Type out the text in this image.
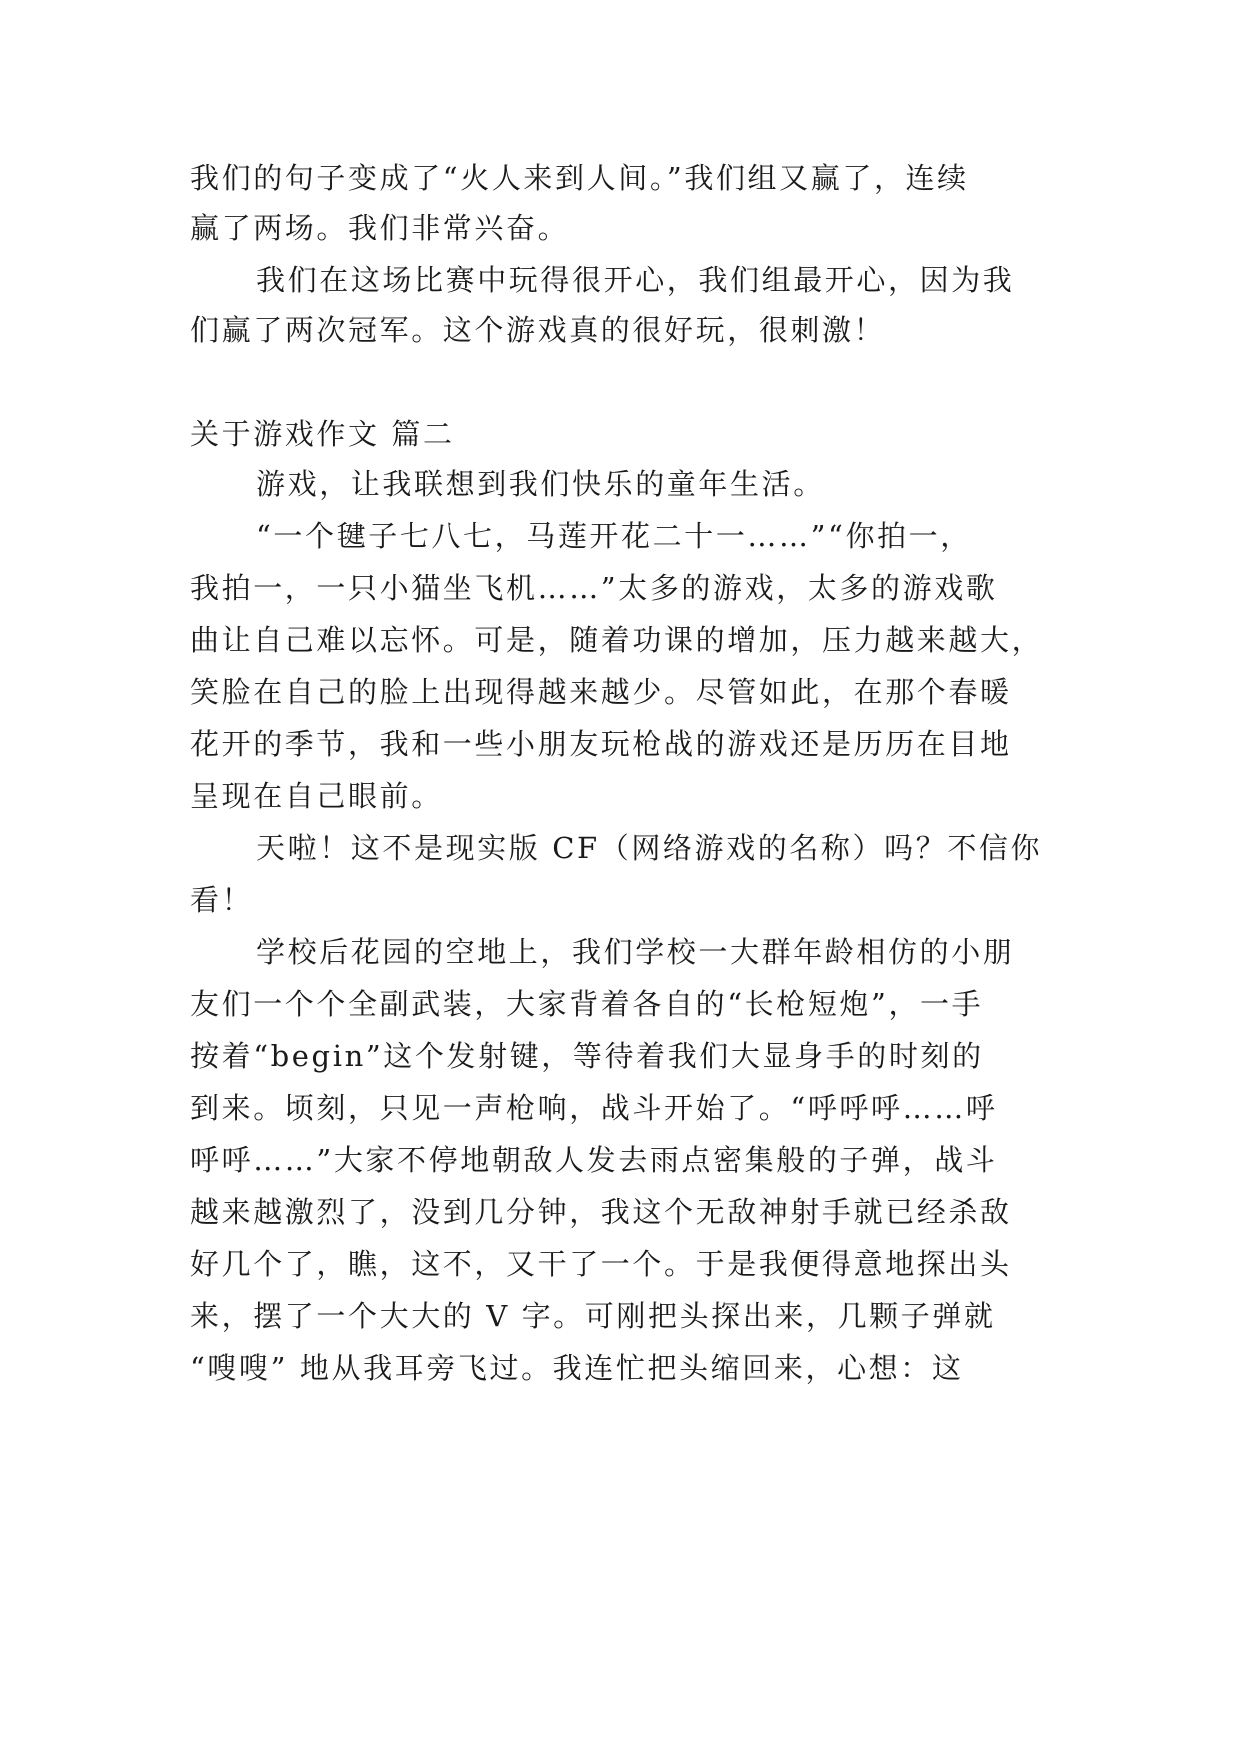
我们的句子变成了“火人来到人间。”我们组又赢了，连续
赢了两场。我们非常兴奋。
我们在这场比赛中玩得很开心，我们组最开心，因为我
们赢了两次冠军。这个游戏真的很好玩，很刺激！
关于游戏作文 篇二
游戏，让我联想到我们快乐的童年生活。
“一个毽子七八七，马莲开花二十一……”“你拍一，
我拍一，一只小猫坐飞机……”太多的游戏，太多的游戏歌
曲让自己难以忘怀。可是，随着功课的增加，压力越来越大，
笑脸在自己的脸上出现得越来越少。尽管如此，在那个春暖
花开的季节，我和一些小朋友玩枪战的游戏还是历历在目地
呈现在自己眼前。
天啦！这不是现实版 CF（网络游戏的名称）吗？不信你
看！
学校后花园的空地上，我们学校一大群年龄相仿的小朋
友们一个个全副武装，大家背着各自的“长枪短炮”，一手
按着“begin”这个发射键，等待着我们大显身手的时刻的
到来。顷刻，只见一声枪响，战斗开始了。“呼呼呼……呼
呼呼……”大家不停地朝敌人发去雨点密集般的子弹，战斗
越来越激烈了，没到几分钟，我这个无敌神射手就已经杀敌
好几个了，瞧，这不，又干了一个。于是我便得意地探出头
来，摆了一个大大的 V 字。可刚把头探出来，几颗子弹就
“嗖嗖” 地从我耳旁飞过。我连忙把头缩回来，心想：这
